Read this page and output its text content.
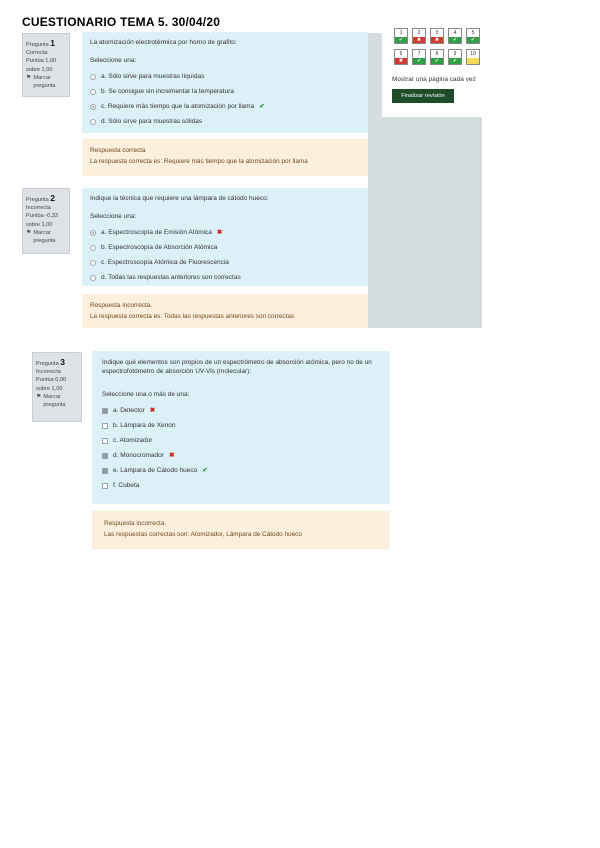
CUESTIONARIO TEMA 5. 30/04/20
Pregunta 1
Correcta
Puntúa 1,00 sobre 1,00
⚑ Marcar pregunta
La atomización electrotérmica por horno de grafito:
Seleccione una:
a. Sólo sirve para muestras líquidas
b. Se consigue sin incrementar la temperatura
c. Requiere más tiempo que la atomización por llama ✔
d. Sólo sirve para muestras sólidas
Respuesta correcta
La respuesta correcta es: Requiere más tiempo que la atomización por llama
Pregunta 2
Incorrecta
Puntúa -0,33 sobre 1,00
⚑ Marcar pregunta
Indique la técnica que requiere una lámpara de cátodo hueco:
Seleccione una:
a. Espectroscopía de Emisión Atómica ✖
b. Espectroscopía de Absorción Atómica
c. Espectroscopía Atómica de Fluorescencia
d. Todas las respuestas anteriores son correctas
Respuesta incorrecta.
La respuesta correcta es: Todas las respuestas anteriores son correctas
1
✔
2
✖
3
✖
4
✔
5
✔
6
✖
7
✔
8
✔
9
✔
10
Mostrar una página cada vez
Finalizar revisión
Pregunta 3
Incorrecta
Puntúa 0,00 sobre 1,00
⚑ Marcar pregunta
Indique qué elementos son propios de un espectrómetro de absorción atómica, pero no de un espectrofotómetro de absorción UV-Vis (molecular):
Seleccione una o más de una:
a. Detector ✖
b. Lámpara de Xenon
c. Atomizador
d. Monocromador ✖
e. Lámpara de Cátodo hueco ✔
f. Cubeta
Respuesta incorrecta.
Las respuestas correctas son: Atomizador, Lámpara de Cátodo hueco
